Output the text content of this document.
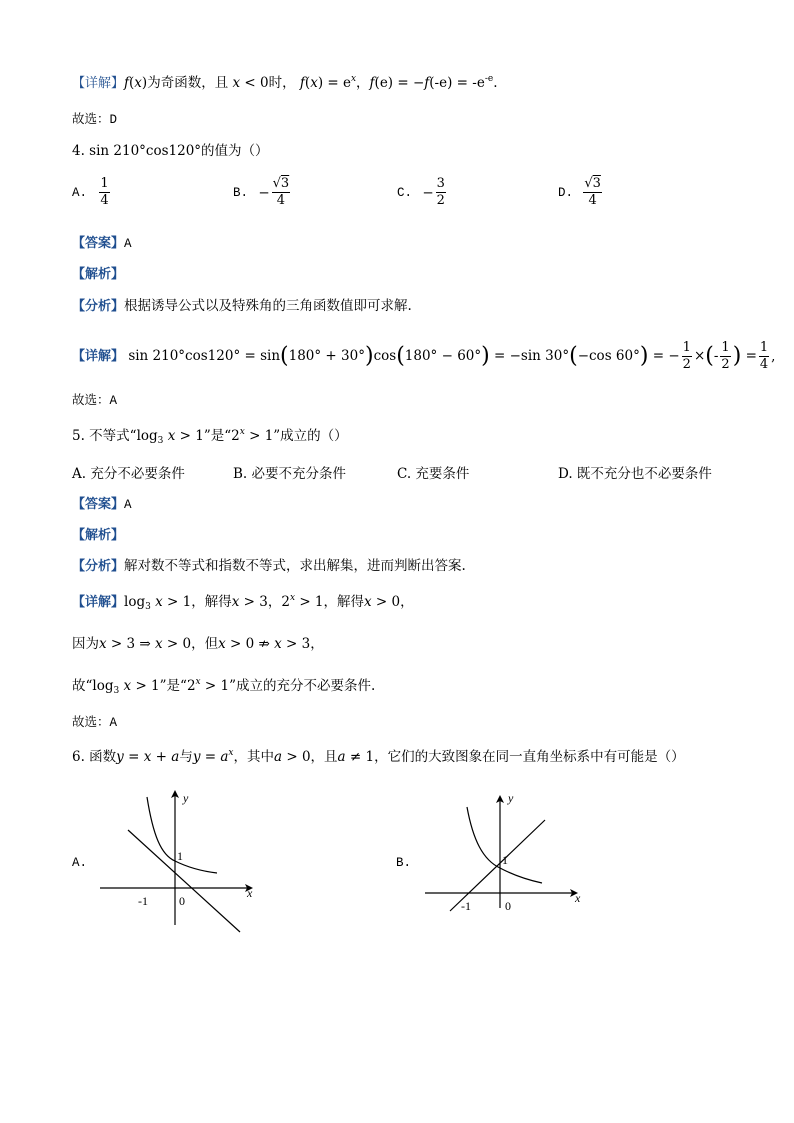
【详解】f(x)为奇函数，且 x < 0时， $f(x) = e^x$，$f(e) = -f(-e) = -e^{-e}$.
故选：D
4. sin 210°cos120°的值为（）
A. $\frac{1}{4}$	B. − $\frac{√3}{4}$	C. − $\frac{3}{2}$	D. $\frac{√3}{4}$
【答案】A
【解析】
【分析】根据诱导公式以及特殊角的三角函数值即可求解.
【详解】 sin 210°cos120° = sin(180° + 30°)cos(180° − 60°) = −sin 30°(−cos 60°) = − $\frac{1}{2}$ ×(- $\frac{1}{2}$ ) = $\frac{1}{4}$ ,
故选：A
5. 不等式“$\log_3$ x > 1”是“$2^x > 1$”成立的（）
A. 充分不必要条件	B. 必要不充分条件	C. 充要条件	D. 既不充分也不必要条件
【答案】A
【解析】
【分析】解对数不等式和指数不等式，求出解集，进而判断出答案.
【详解】$\log_3 x > 1$，解得x > 3，$2^x > 1$，解得x > 0，
因为x > 3 ⇒ x > 0，但x > 0 ⇏ x > 3，
故“$\log_3$ x > 1”是“$2^x > 1$”成立的充分不必要条件.
故选：A
6. 函数y = x + a与$y = a^x$，其中a > 0，且a ≠ 1，它们的大致图象在同一直角坐标系中有可能是（）
A.
y
x
1
-1	0
B.
y
x
1
-1	0
